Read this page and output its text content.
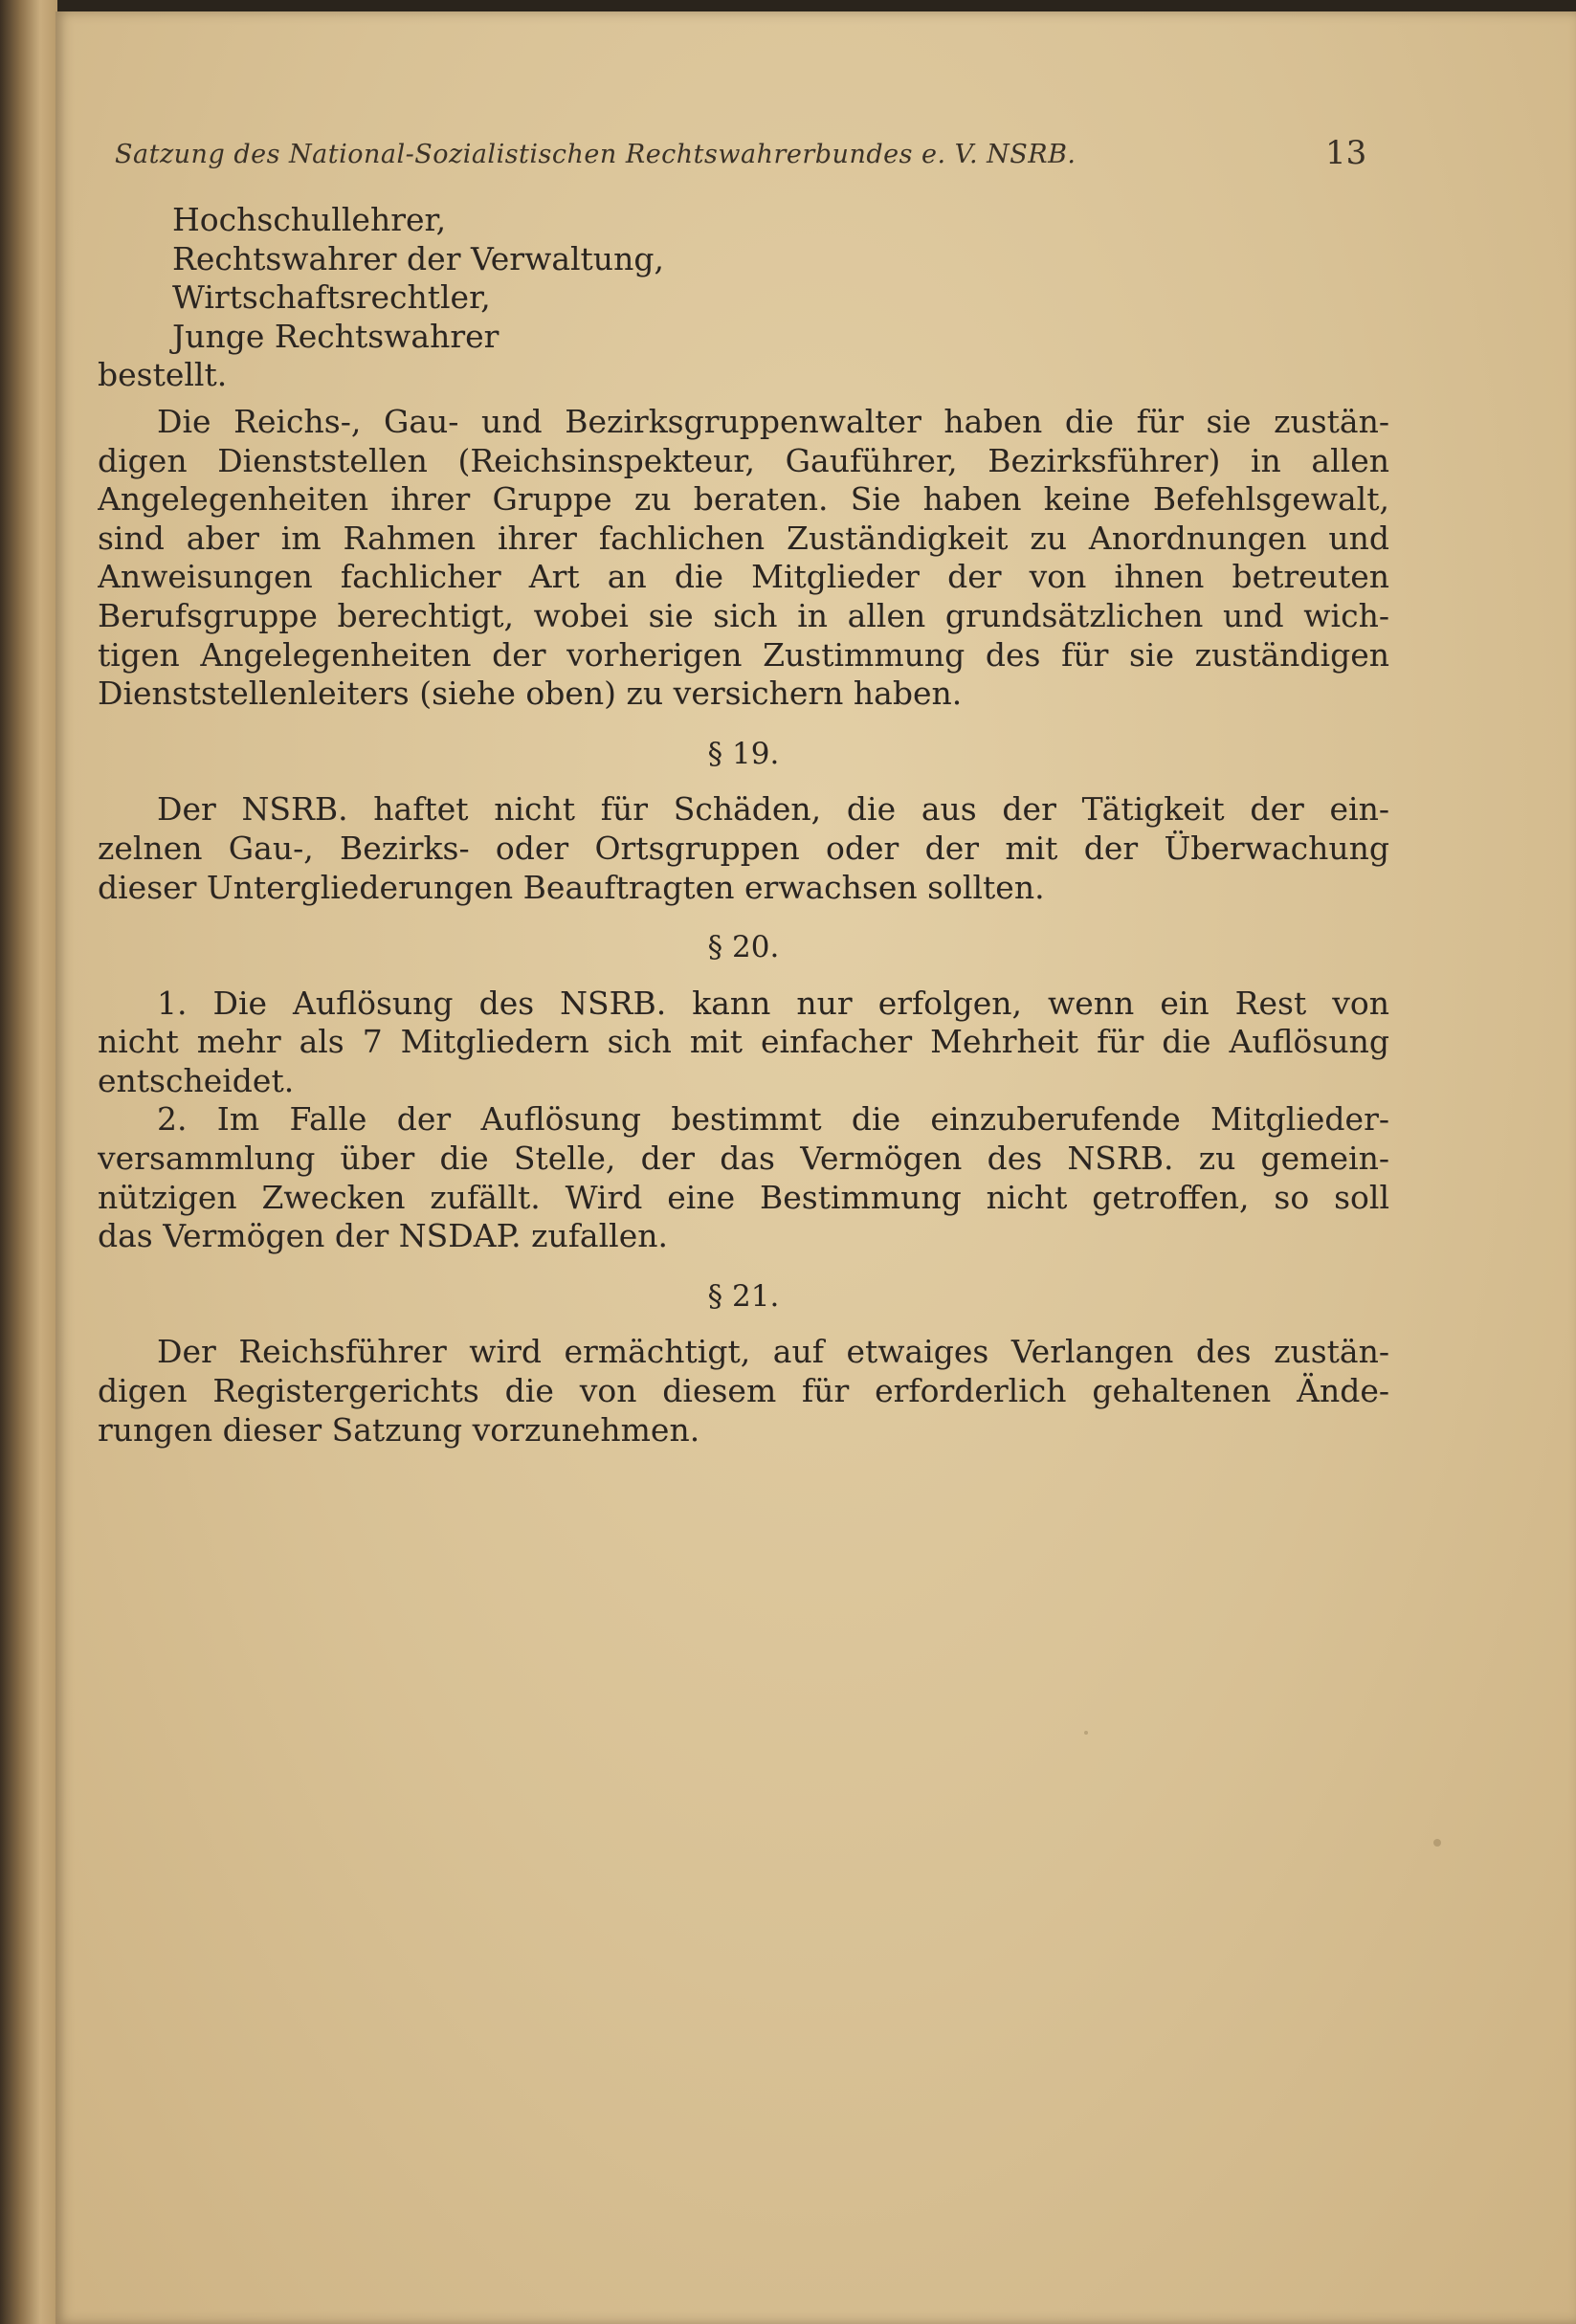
Satzung des National-Sozialistischen Rechtswahrerbundes e. V. NSRB.	13
Hochschullehrer,
Rechtswahrer der Verwaltung,
Wirtschaftsrechtler,
Junge Rechtswahrer
bestellt.
Die Reichs-, Gau- und Bezirksgruppenwalter haben die für sie zustän-
digen Dienststellen (Reichsinspekteur, Gauführer, Bezirksführer) in allen
Angelegenheiten ihrer Gruppe zu beraten. Sie haben keine Befehlsgewalt,
sind aber im Rahmen ihrer fachlichen Zuständigkeit zu Anordnungen und
Anweisungen fachlicher Art an die Mitglieder der von ihnen betreuten
Berufsgruppe berechtigt, wobei sie sich in allen grundsätzlichen und wich-
tigen Angelegenheiten der vorherigen Zustimmung des für sie zuständigen
Dienststellenleiters (siehe oben) zu versichern haben.
§ 19.
Der NSRB. haftet nicht für Schäden, die aus der Tätigkeit der ein-
zelnen Gau-, Bezirks- oder Ortsgruppen oder der mit der Überwachung
dieser Untergliederungen Beauftragten erwachsen sollten.
§ 20.
1. Die Auflösung des NSRB. kann nur erfolgen, wenn ein Rest von
nicht mehr als 7 Mitgliedern sich mit einfacher Mehrheit für die Auflösung
entscheidet.
2. Im Falle der Auflösung bestimmt die einzuberufende Mitglieder-
versammlung über die Stelle, der das Vermögen des NSRB. zu gemein-
nützigen Zwecken zufällt. Wird eine Bestimmung nicht getroffen, so soll
das Vermögen der NSDAP. zufallen.
§ 21.
Der Reichsführer wird ermächtigt, auf etwaiges Verlangen des zustän-
digen Registergerichts die von diesem für erforderlich gehaltenen Ände-
rungen dieser Satzung vorzunehmen.
